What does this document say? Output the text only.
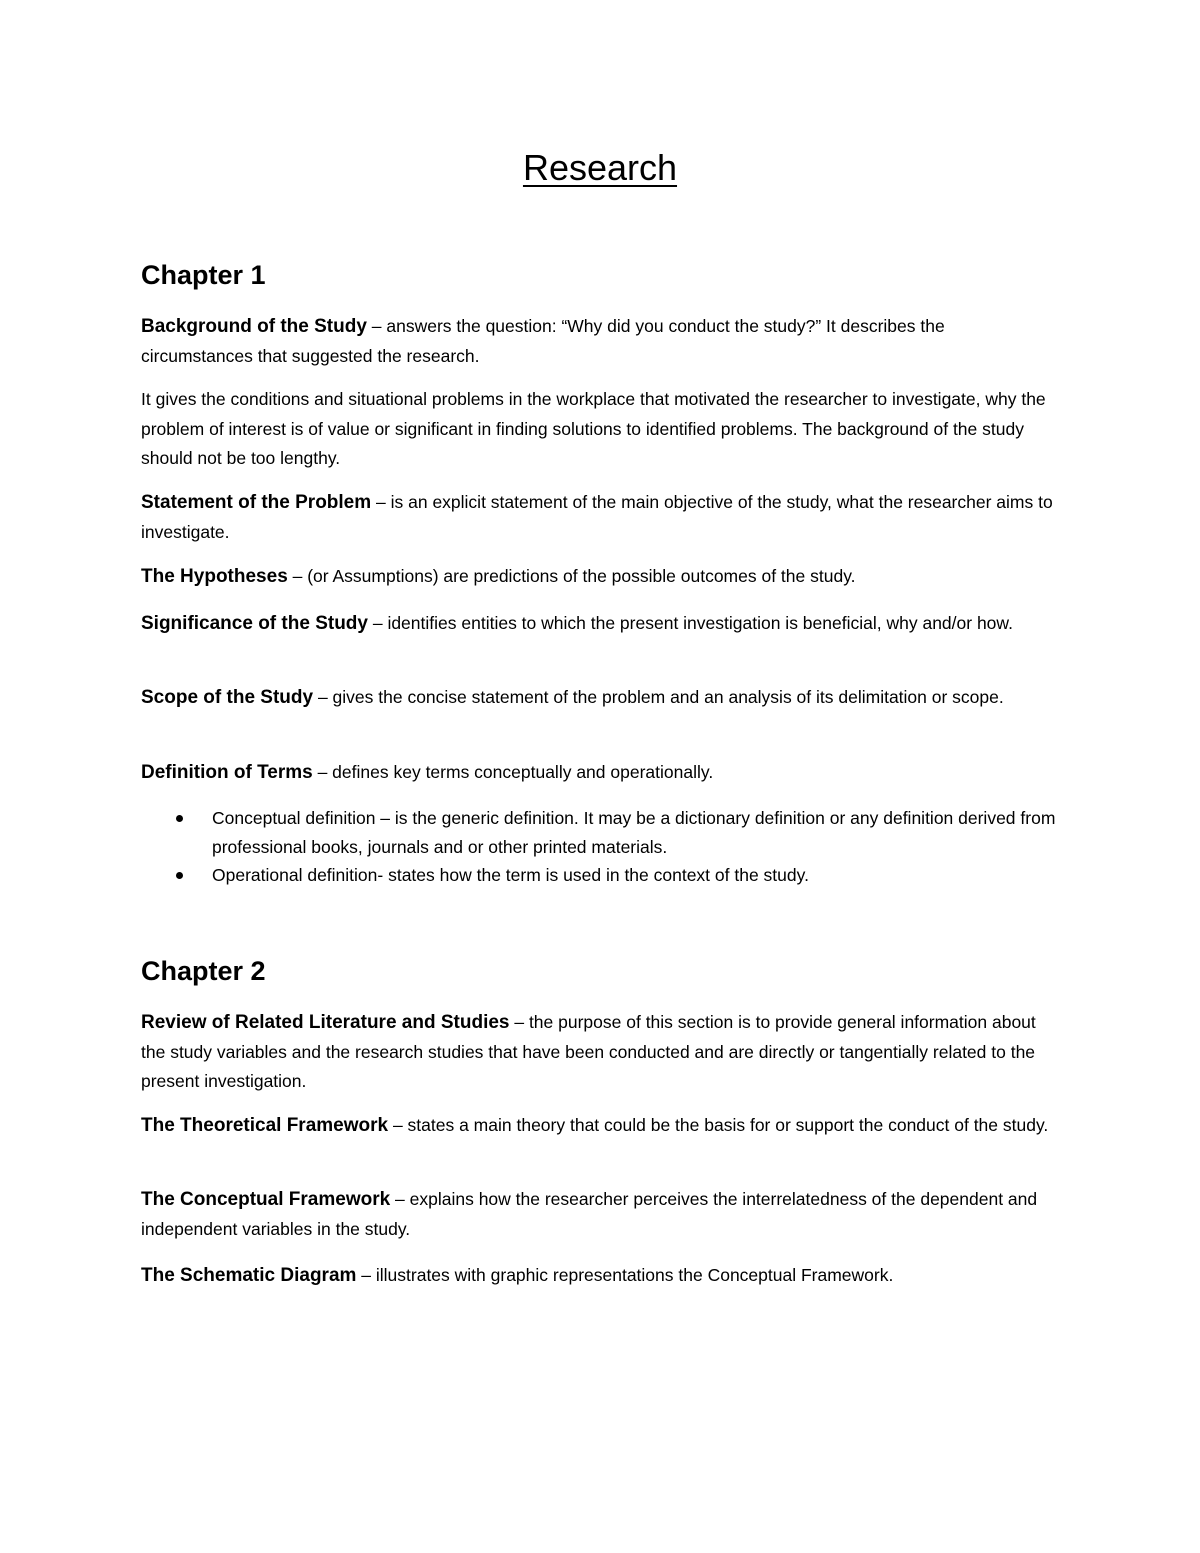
Research
Chapter 1

Background of the Study – answers the question: “Why did you conduct the study?” It describes the circumstances that suggested the research.

It gives the conditions and situational problems in the workplace that motivated the researcher to investigate, why the problem of interest is of value or significant in finding solutions to identified problems. The background of the study should not be too lengthy.

Statement of the Problem – is an explicit statement of the main objective of the study, what the researcher aims to investigate.

The Hypotheses – (or Assumptions) are predictions of the possible outcomes of the study.

Significance of the Study – identifies entities to which the present investigation is beneficial, why and/or how.

Scope of the Study – gives the concise statement of the problem and an analysis of its delimitation or scope.

Definition of Terms – defines key terms conceptually and operationally.

Conceptual definition – is the generic definition. It may be a dictionary definition or any definition derived from professional books, journals and or other printed materials.
Operational definition- states how the term is used in the context of the study.
Chapter 2

Review of Related Literature and Studies – the purpose of this section is to provide general information about the study variables and the research studies that have been conducted and are directly or tangentially related to the present investigation.

The Theoretical Framework – states a main theory that could be the basis for or support the conduct of the study.

The Conceptual Framework – explains how the researcher perceives the interrelatedness of the dependent and independent variables in the study.

The Schematic Diagram – illustrates with graphic representations the Conceptual Framework.
